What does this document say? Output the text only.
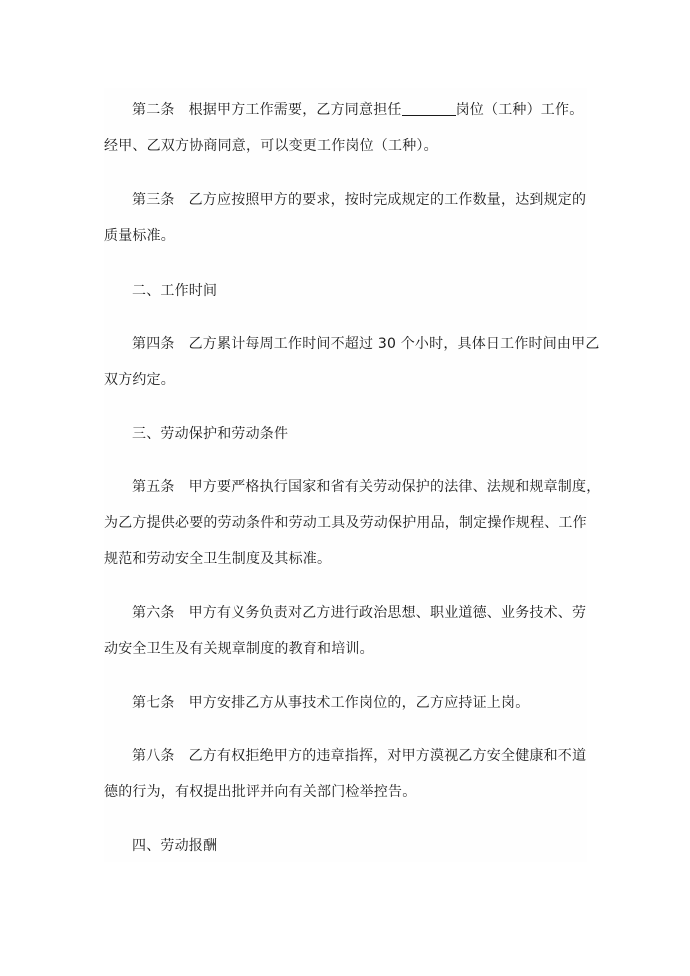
第二条 根据甲方工作需要，乙方同意担任	岗位（工种）工作。
经甲、乙双方协商同意，可以变更工作岗位（工种）。
第三条 乙方应按照甲方的要求，按时完成规定的工作数量，达到规定的
质量标准。
二、工作时间
第四条 乙方累计每周工作时间不超过 30 个小时，具体日工作时间由甲乙
双方约定。
三、劳动保护和劳动条件
第五条 甲方要严格执行国家和省有关劳动保护的法律、法规和规章制度，
为乙方提供必要的劳动条件和劳动工具及劳动保护用品，制定操作规程、工作
规范和劳动安全卫生制度及其标准。
第六条 甲方有义务负责对乙方进行政治思想、职业道德、业务技术、劳
动安全卫生及有关规章制度的教育和培训。
第七条 甲方安排乙方从事技术工作岗位的，乙方应持证上岗。
第八条 乙方有权拒绝甲方的违章指挥，对甲方漠视乙方安全健康和不道
德的行为，有权提出批评并向有关部门检举控告。
四、劳动报酬
